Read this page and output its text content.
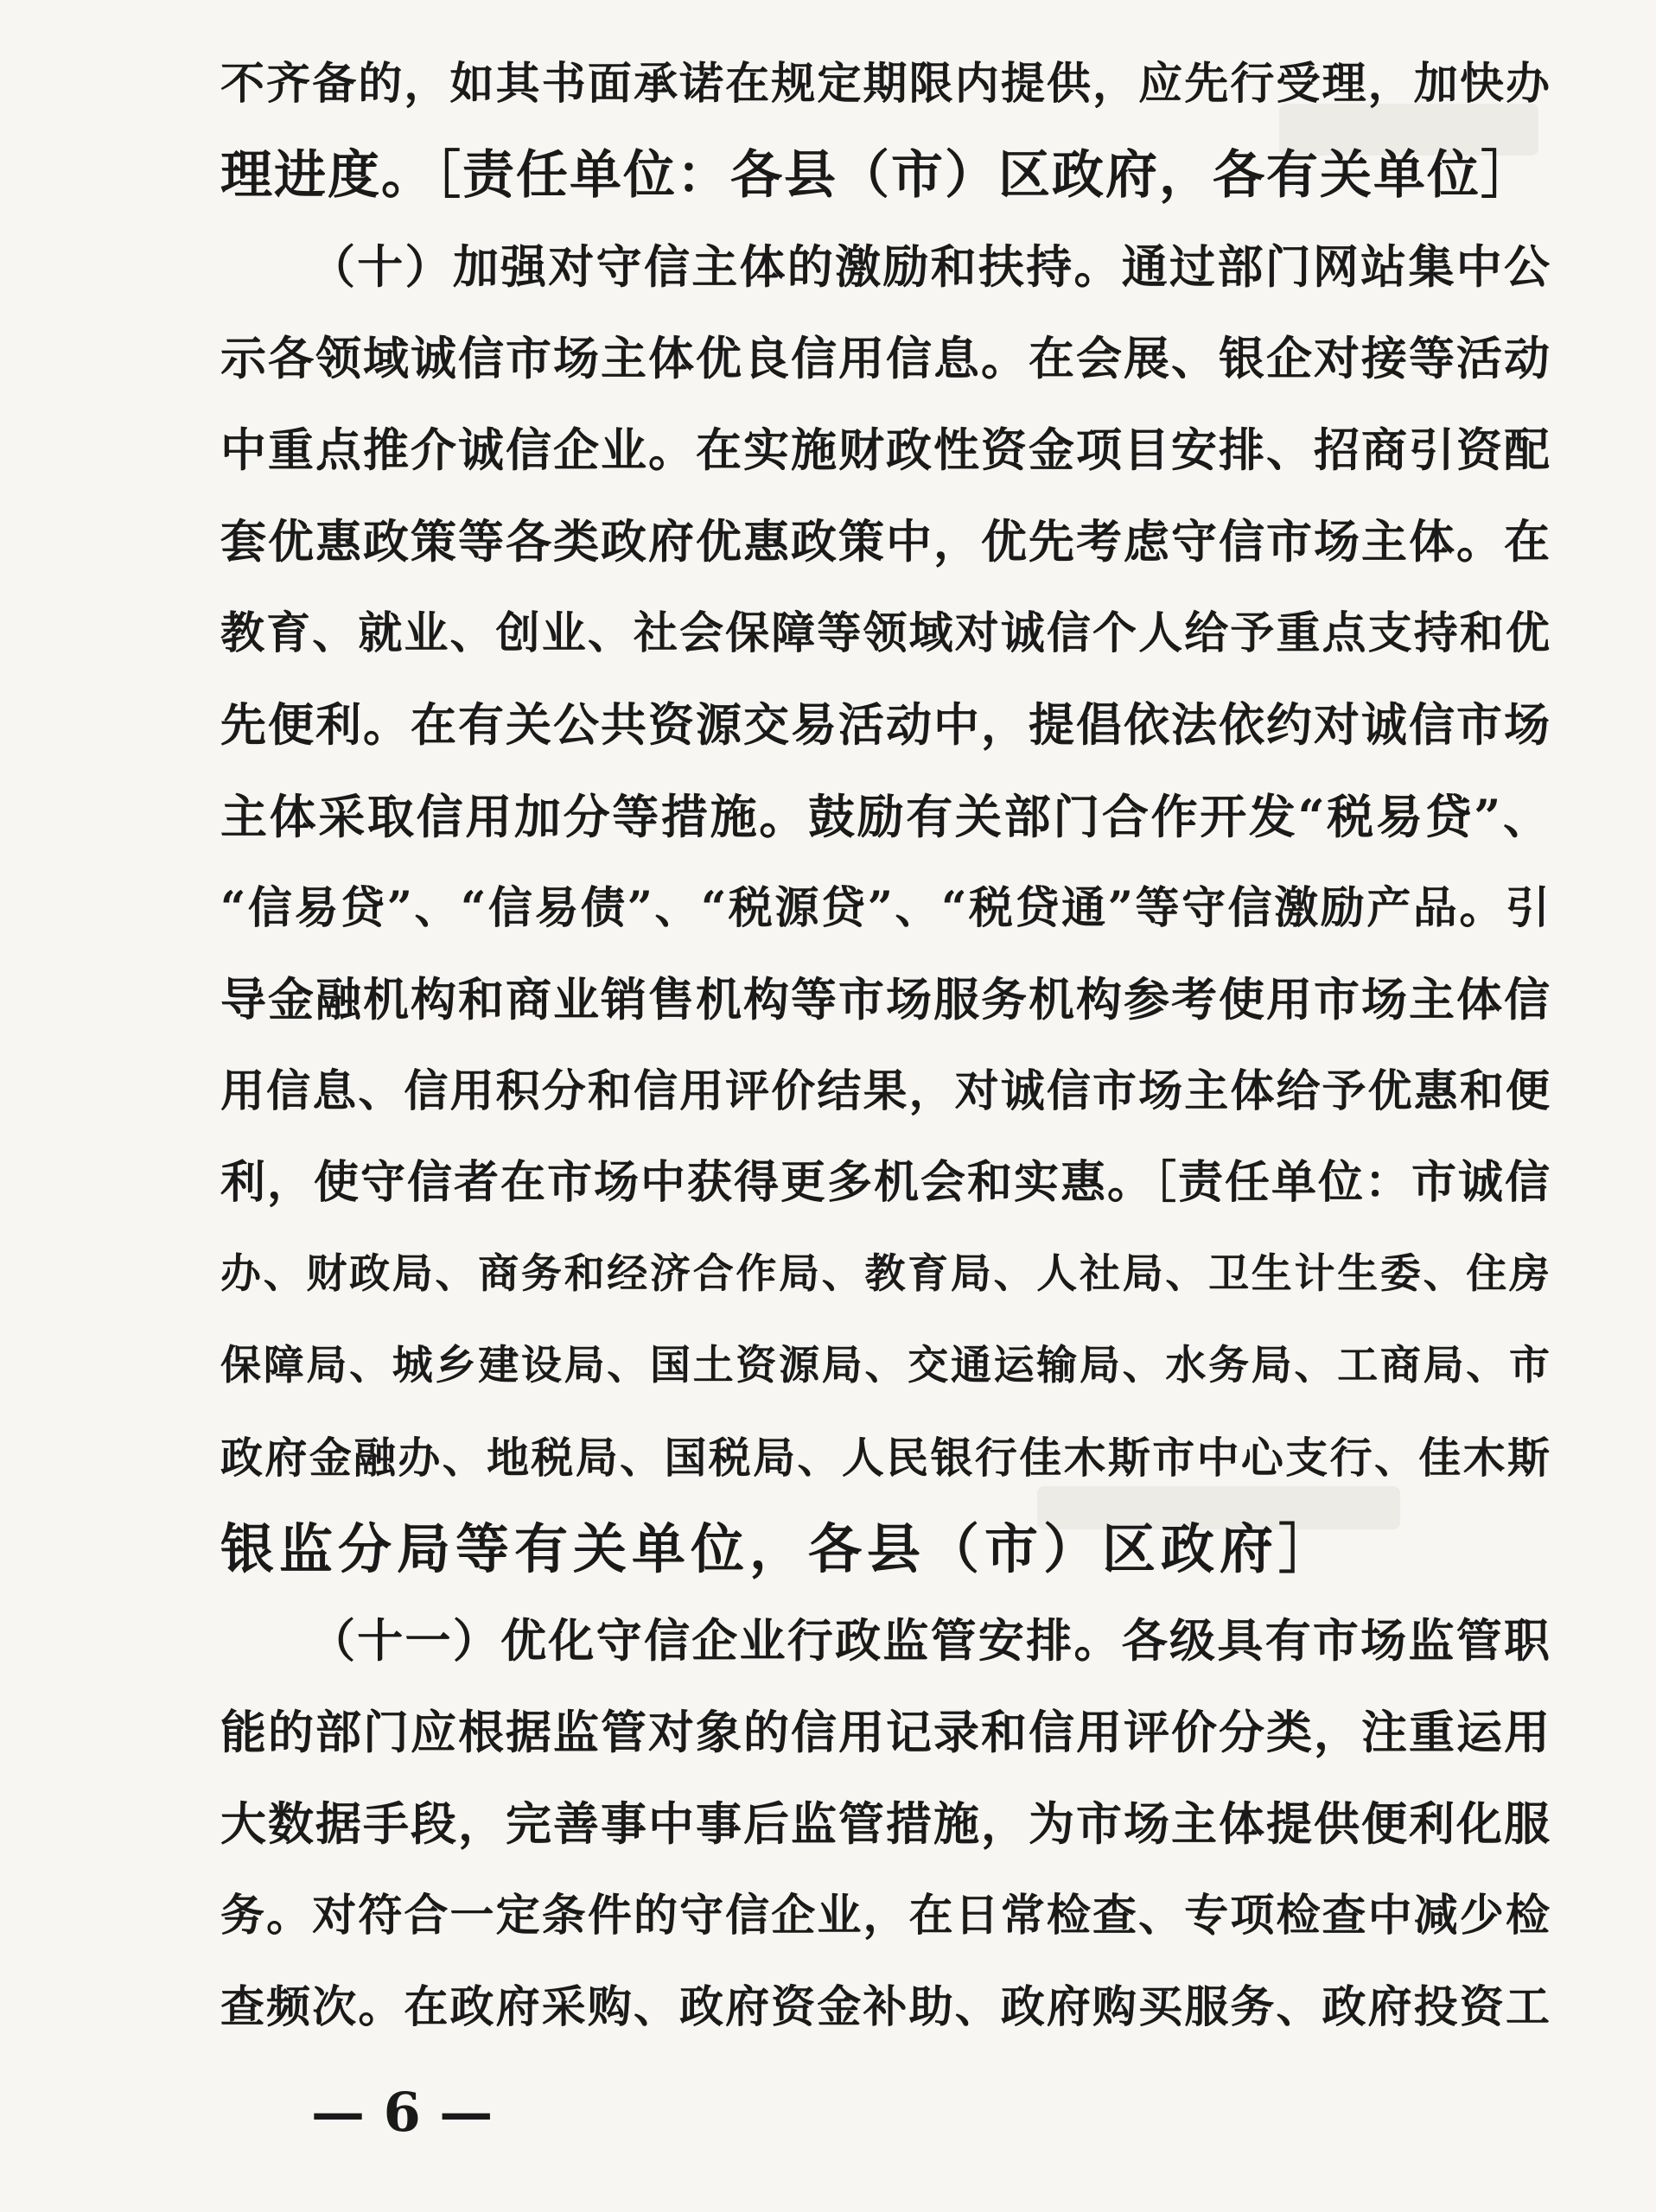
不齐备的，如其书面承诺在规定期限内提供，应先行受理，加快办
理进度。［责任单位：各县（市）区政府，各有关单位］
（十）加强对守信主体的激励和扶持。通过部门网站集中公
示各领域诚信市场主体优良信用信息。在会展、银企对接等活动
中重点推介诚信企业。在实施财政性资金项目安排、招商引资配
套优惠政策等各类政府优惠政策中，优先考虑守信市场主体。在
教育、就业、创业、社会保障等领域对诚信个人给予重点支持和优
先便利。在有关公共资源交易活动中，提倡依法依约对诚信市场
主体采取信用加分等措施。鼓励有关部门合作开发“税易贷”、
“信易贷”、“信易债”、“税源贷”、“税贷通”等守信激励产品。引
导金融机构和商业销售机构等市场服务机构参考使用市场主体信
用信息、信用积分和信用评价结果，对诚信市场主体给予优惠和便
利，使守信者在市场中获得更多机会和实惠。［责任单位：市诚信
办、财政局、商务和经济合作局、教育局、人社局、卫生计生委、住房
保障局、城乡建设局、国土资源局、交通运输局、水务局、工商局、市
政府金融办、地税局、国税局、人民银行佳木斯市中心支行、佳木斯
银监分局等有关单位，各县（市）区政府］
（十一）优化守信企业行政监管安排。各级具有市场监管职
能的部门应根据监管对象的信用记录和信用评价分类，注重运用
大数据手段，完善事中事后监管措施，为市场主体提供便利化服
务。对符合一定条件的守信企业，在日常检查、专项检查中减少检
查频次。在政府采购、政府资金补助、政府购买服务、政府投资工
— 6 —
